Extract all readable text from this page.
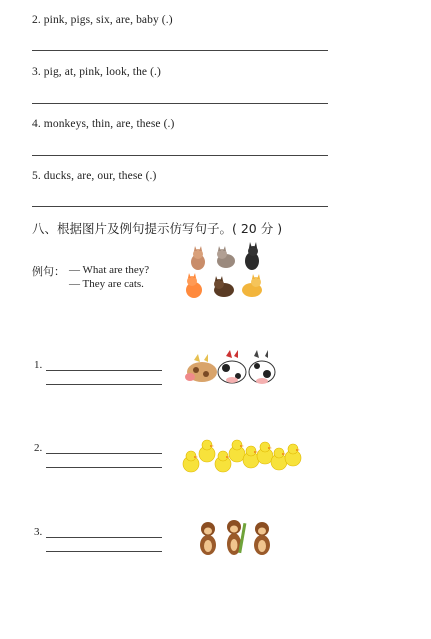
2. pink, pigs, six, are, baby (.)
3. pig, at, pink, look, the (.)
4. monkeys, thin, are, these (.)
5. ducks, are, our, these (.)
八、根据图片及例句提示仿写句子。( 20 分 )
例句： — What are they?
— They are cats.
1.
2.
3.
